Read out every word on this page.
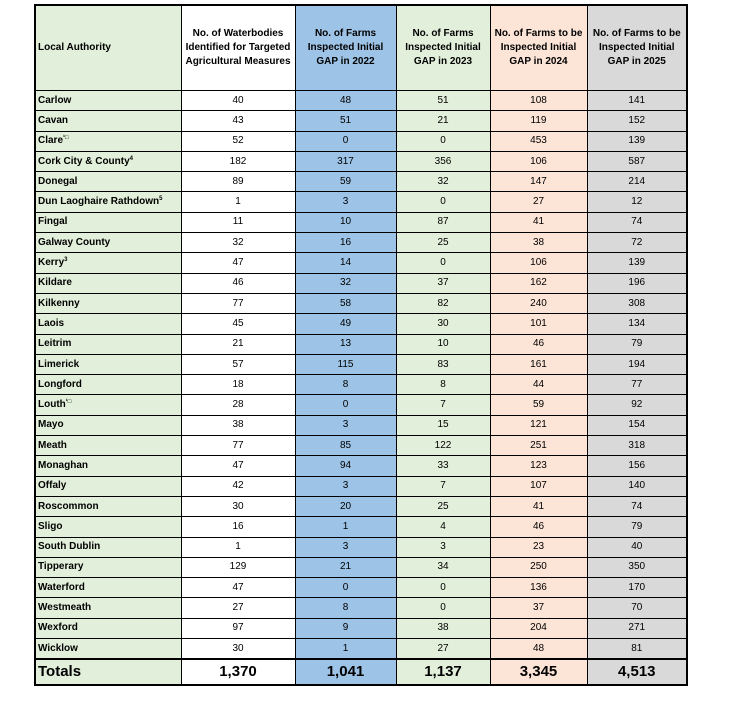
Local Authority	No. of Waterbodies Identified for Targeted Agricultural Measures	No. of Farms Inspected Initial GAP in 2022	No. of Farms Inspected Initial GAP in 2023	No. of Farms to be Inspected Initial GAP in 2024	No. of Farms to be Inspected Initial GAP in 2025
Carlow	40	48	51	108	141
Cavan	43	51	21	119	152
Clare$^{^1□}$	52	0	0	453	139
Cork City & County$^4$	182	317	356	106	587
Donegal	89	59	32	147	214
Dun Laoghaire Rathdown$^5$	1	3	0	27	12
Fingal	11	10	87	41	74
Galway County	32	16	25	38	72
Kerry$^3$	47	14	0	106	139
Kildare	46	32	37	162	196
Kilkenny	77	58	82	240	308
Laois	45	49	30	101	134
Leitrim	21	13	10	46	79
Limerick	57	115	83	161	194
Longford	18	8	8	44	77
Louth$^{^1□}$	28	0	7	59	92
Mayo	38	3	15	121	154
Meath	77	85	122	251	318
Monaghan	47	94	33	123	156
Offaly	42	3	7	107	140
Roscommon	30	20	25	41	74
Sligo	16	1	4	46	79
South Dublin	1	3	3	23	40
Tipperary	129	21	34	250	350
Waterford	47	0	0	136	170
Westmeath	27	8	0	37	70
Wexford	97	9	38	204	271
Wicklow	30	1	27	48	81
Totals	1,370	1,041	1,137	3,345	4,513
